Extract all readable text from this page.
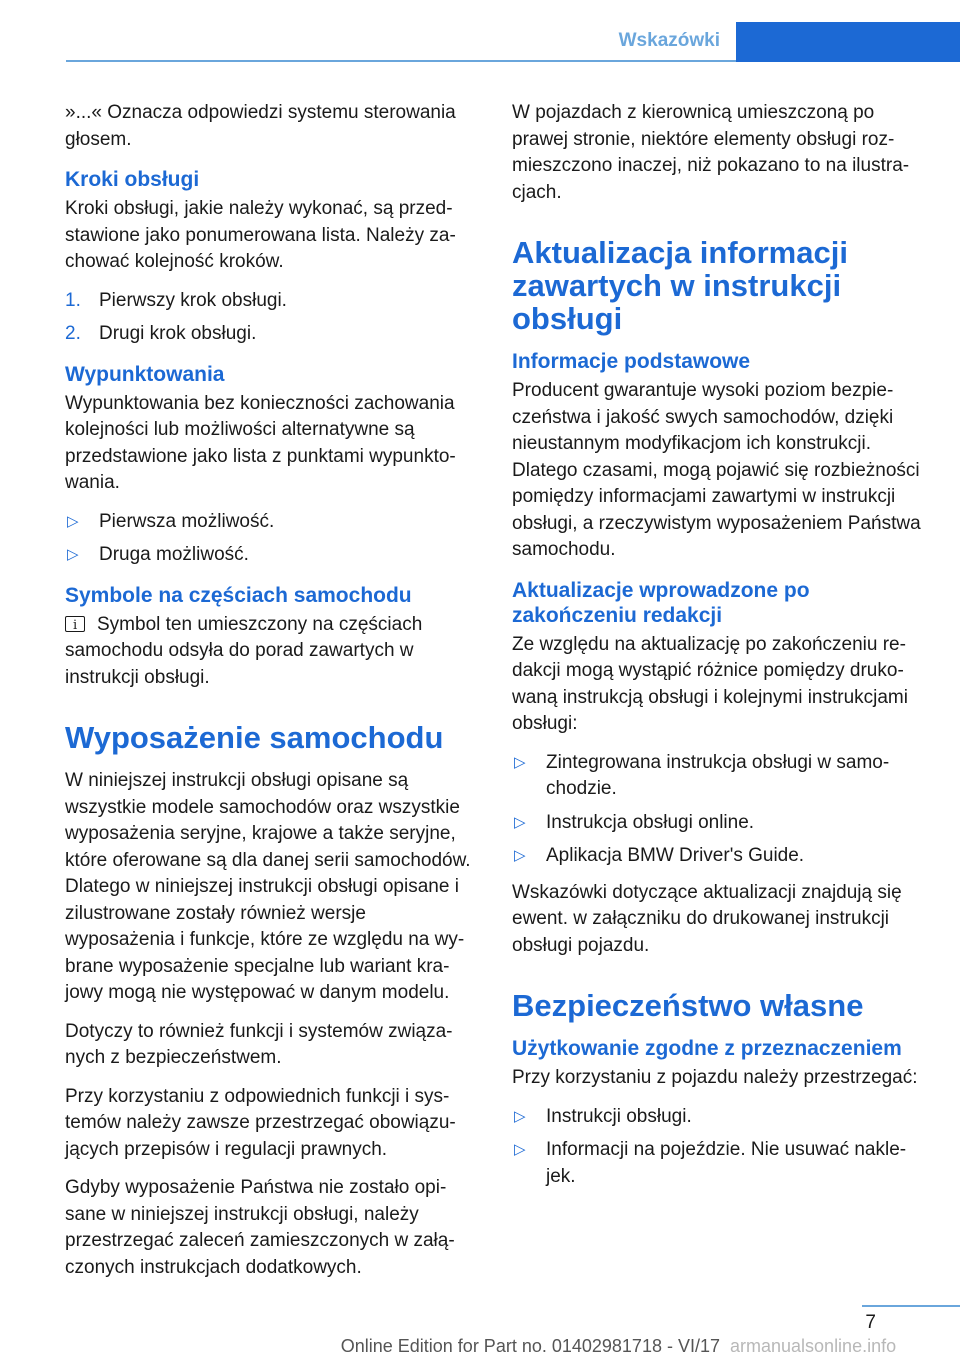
Wskazówki

»...« Oznacza odpowiedzi systemu sterowania głosem.

Kroki obsługi

Kroki obsługi, jakie należy wykonać, są przedstawione jako ponumerowana lista. Należy zachować kolejność kroków.

1. Pierwszy krok obsługi.
2. Drugi krok obsługi.
Wypunktowania

Wypunktowania bez konieczności zachowania kolejności lub możliwości alternatywne są przedstawione jako lista z punktami wypunktowania.

▷ Pierwsza możliwość.
▷ Druga możliwość.
Symbole na częściach samochodu

iSymbol ten umieszczony na częściach samochodu odsyła do porad zawartych w instrukcji obsługi.

Wyposażenie samochodu

W niniejszej instrukcji obsługi opisane są wszystkie modele samochodów oraz wszystkie wyposażenia seryjne, krajowe a także seryjne, które oferowane są dla danej serii samochodów. Dlatego w niniejszej instrukcji obsługi opisane i zilustrowane zostały również wersje wyposażenia i funkcje, które ze względu na wybrane wyposażenie specjalne lub wariant krajowy mogą nie występować w danym modelu.

Dotyczy to również funkcji i systemów związanych z bezpieczeństwem.

Przy korzystaniu z odpowiednich funkcji i systemów należy zawsze przestrzegać obowiązujących przepisów i regulacji prawnych.

Gdyby wyposażenie Państwa nie zostało opisane w niniejszej instrukcji obsługi, należy przestrzegać zaleceń zamieszczonych w załączonych instrukcjach dodatkowych.

W pojazdach z kierownicą umieszczoną po prawej stronie, niektóre elementy obsługi rozmieszczono inaczej, niż pokazano to na ilustracjach.

Aktualizacja informacji zawartych w instrukcji obsługi
Informacje podstawowe

Producent gwarantuje wysoki poziom bezpieczeństwa i jakość swych samochodów, dzięki nieustannym modyfikacjom ich konstrukcji. Dlatego czasami, mogą pojawić się rozbieżności pomiędzy informacjami zawartymi w instrukcji obsługi, a rzeczywistym wyposażeniem Państwa samochodu.

Aktualizacje wprowadzone po zakończeniu redakcji

Ze względu na aktualizację po zakończeniu redakcji mogą wystąpić różnice pomiędzy drukowaną instrukcją obsługi i kolejnymi instrukcjami obsługi:

▷ Zintegrowana instrukcja obsługi w samochodzie.
▷ Instrukcja obsługi online.
▷ Aplikacja BMW Driver's Guide.

Wskazówki dotyczące aktualizacji znajdują się ewent. w załączniku do drukowanej instrukcji obsługi pojazdu.

Bezpieczeństwo własne
Użytkowanie zgodne z przeznaczeniem

Przy korzystaniu z pojazdu należy przestrzegać:

▷ Instrukcji obsługi.
▷ Informacji na pojeździe. Nie usuwać naklejek.
7
Online Edition for Part no. 01402981718 - VI/17 armanualsonline.info
